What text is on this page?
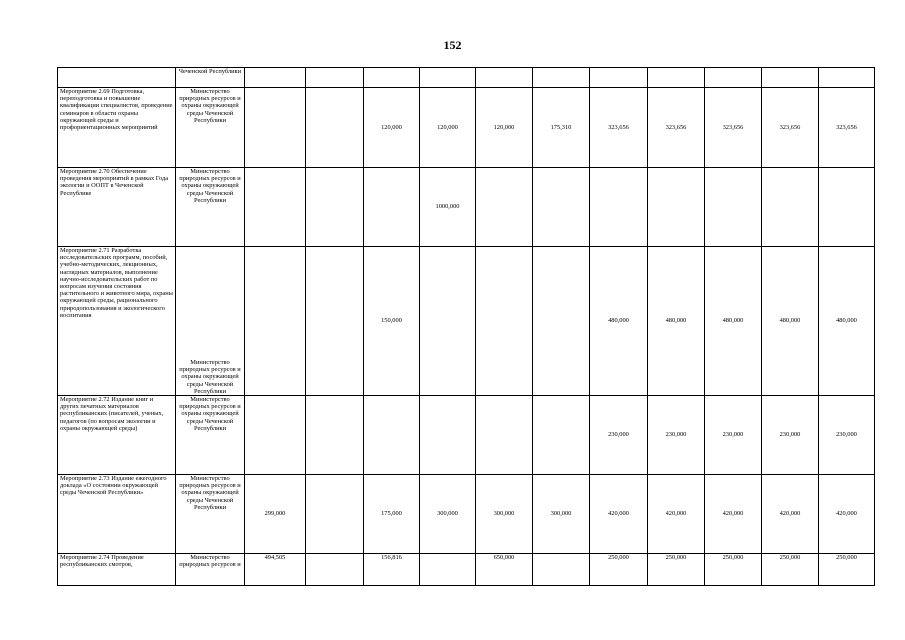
152
	Чеченской Республики											
Мероприятие 2.69 Подготовка, переподготовка и повышение квалификации специалистов, проведение семинаров в области охраны окружающей среды и профориентационных мероприятий	Министерство природных ресурсов и охраны окружающей среды Чеченской Республики			120,000	120,000	120,000	175,310	323,656	323,656	323,656	323,656	323,656
Мероприятие 2.70 Обеспечение проведения мероприятий в рамках Года экологии и ООПТ в Чеченской Республике	Министерство природных ресурсов и охраны окружающей среды Чеченской Республики				1000,000							
Мероприятие 2.71 Разработка исследовательских программ, пособий, учебно-методических, лекционных, наглядных материалов, выполнение научно-исследовательских работ по вопросам изучения состояния растительного и животного мира, охраны окружающей среды, рационального природопользования и экологического воспитания	Министерство природных ресурсов и охраны окружающей среды Чеченской Республики			150,000				480,000	480,000	480,000	480,000	480,000
Мероприятие 2.72 Издание книг и других печатных материалов республиканских (писателей, ученых, педагогов (по вопросам экологии и охраны окружающей среды)	Министерство природных ресурсов и охраны окружающей среды Чеченской Республики							230,000	230,000	230,000	230,000	230,000
Мероприятие 2.73 Издание ежегодного доклада «О состоянии окружающей среды Чеченской Республики»	Министерство природных ресурсов и охраны окружающей среды Чеченской Республики	299,000		175,000	300,000	300,000	300,000	420,000	420,000	420,000	420,000	420,000
Мероприятие 2.74 Проведение республиканских смотров,	Министерство природных ресурсов и	494,505		156,816		650,000		250,000	250,000	250,000	250,000	250,000
